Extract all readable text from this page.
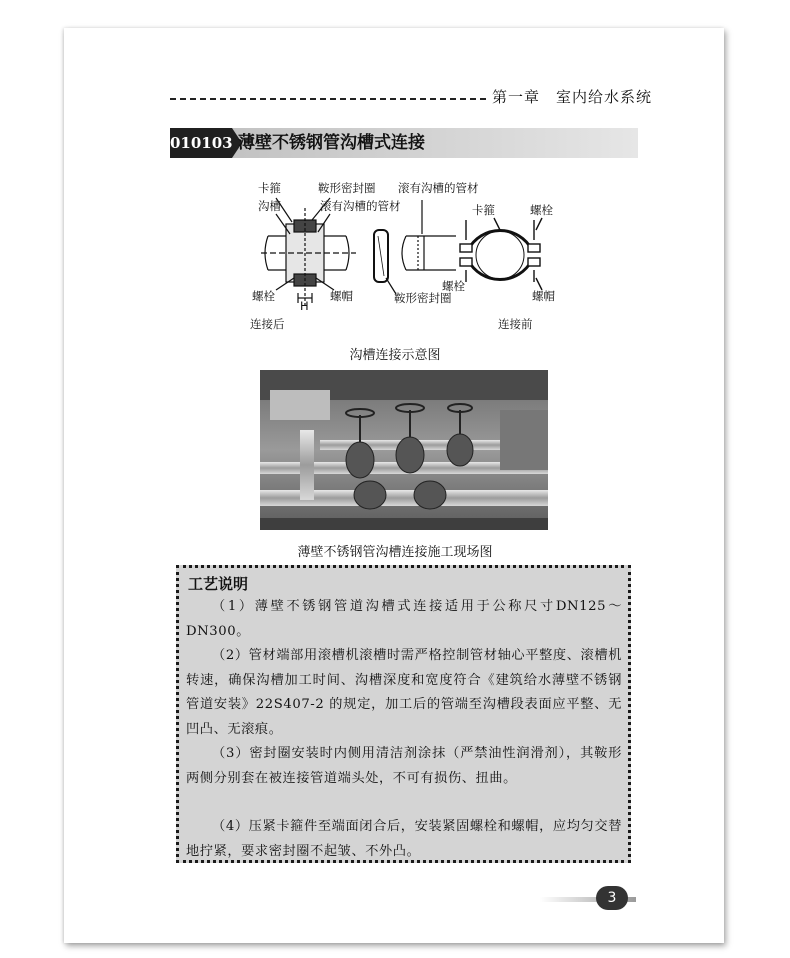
第一章　室内给水系统
010103 薄壁不锈钢管沟槽式连接
卡箍
沟槽
鞍形密封圈
滚有沟槽的管材
滚有沟槽的管材
螺栓
H
螺帽	鞍形密封圈
连接后
卡箍	螺栓
螺栓
螺帽
连接前
沟槽连接示意图
薄壁不锈钢管沟槽连接施工现场图
工艺说明

（1）薄壁不锈钢管道沟槽式连接适用于公称尺寸DN125～DN300。

（2）管材端部用滚槽机滚槽时需严格控制管材轴心平整度、滚槽机转速，确保沟槽加工时间、沟槽深度和宽度符合《建筑给水薄壁不锈钢管道安装》22S407-2 的规定，加工后的管端至沟槽段表面应平整、无凹凸、无滚痕。

（3）密封圈安装时内侧用清洁剂涂抹（严禁油性润滑剂），其鞍形两侧分别套在被连接管道端头处，不可有损伤、扭曲。

（4）压紧卡箍件至端面闭合后，安装紧固螺栓和螺帽，应均匀交替地拧紧，要求密封圈不起皱、不外凸。

3
